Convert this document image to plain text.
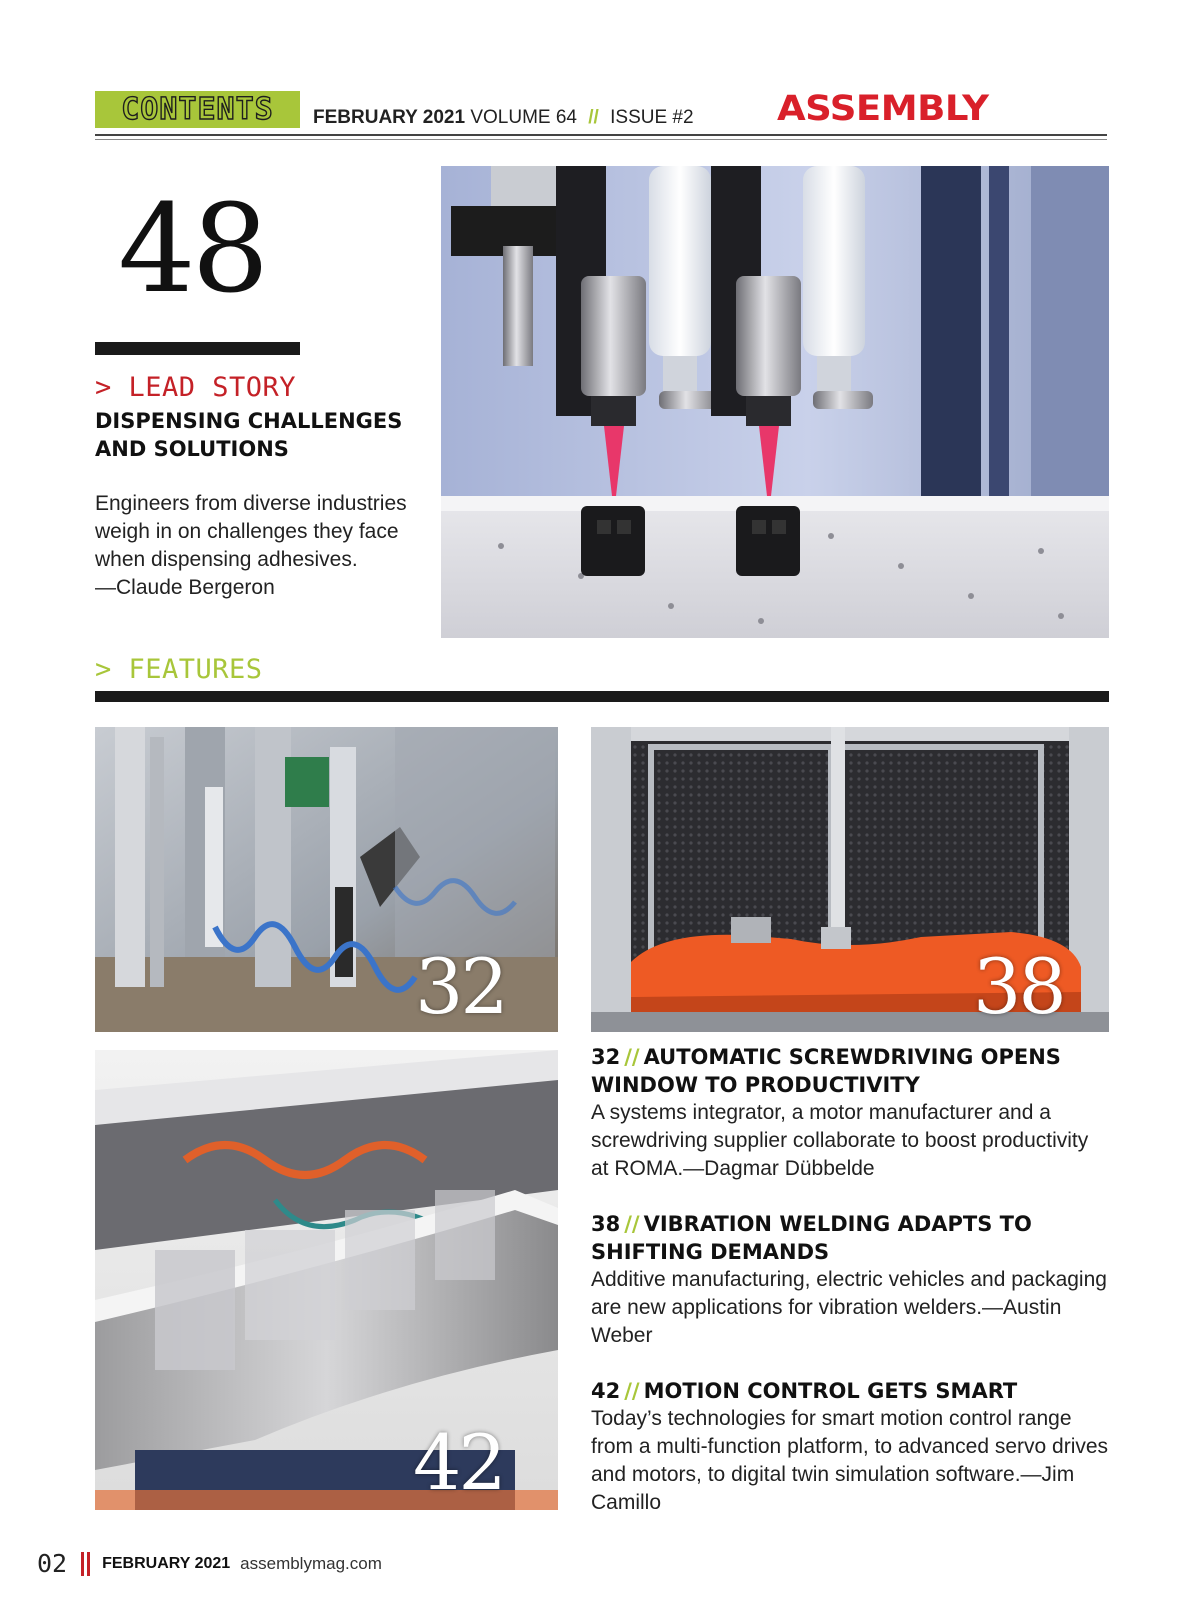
CONTENTS FEBRUARY 2021 VOLUME 64 // ISSUE #2 ASSEMBLY
48
> LEAD STORY
DISPENSING CHALLENGES AND SOLUTIONS
Engineers from diverse industries weigh in on challenges they face when dispensing adhesives.
—Claude Bergeron
> FEATURES
32	38
42
32 // AUTOMATIC SCREWDRIVING OPENS WINDOW TO PRODUCTIVITY
A systems integrator, a motor manufacturer and a screwdriving supplier collaborate to boost productivity at ROMA.—Dagmar Dübbelde
38 // VIBRATION WELDING ADAPTS TO SHIFTING DEMANDS
Additive manufacturing, electric vehicles and packaging are new applications for vibration welders.—Austin Weber
42 // MOTION CONTROL GETS SMART
Today’s technologies for smart motion control range from a multi-function platform, to advanced servo drives and motors, to digital twin simulation software.—Jim Camillo
02 FEBRUARY 2021 assemblymag.com
